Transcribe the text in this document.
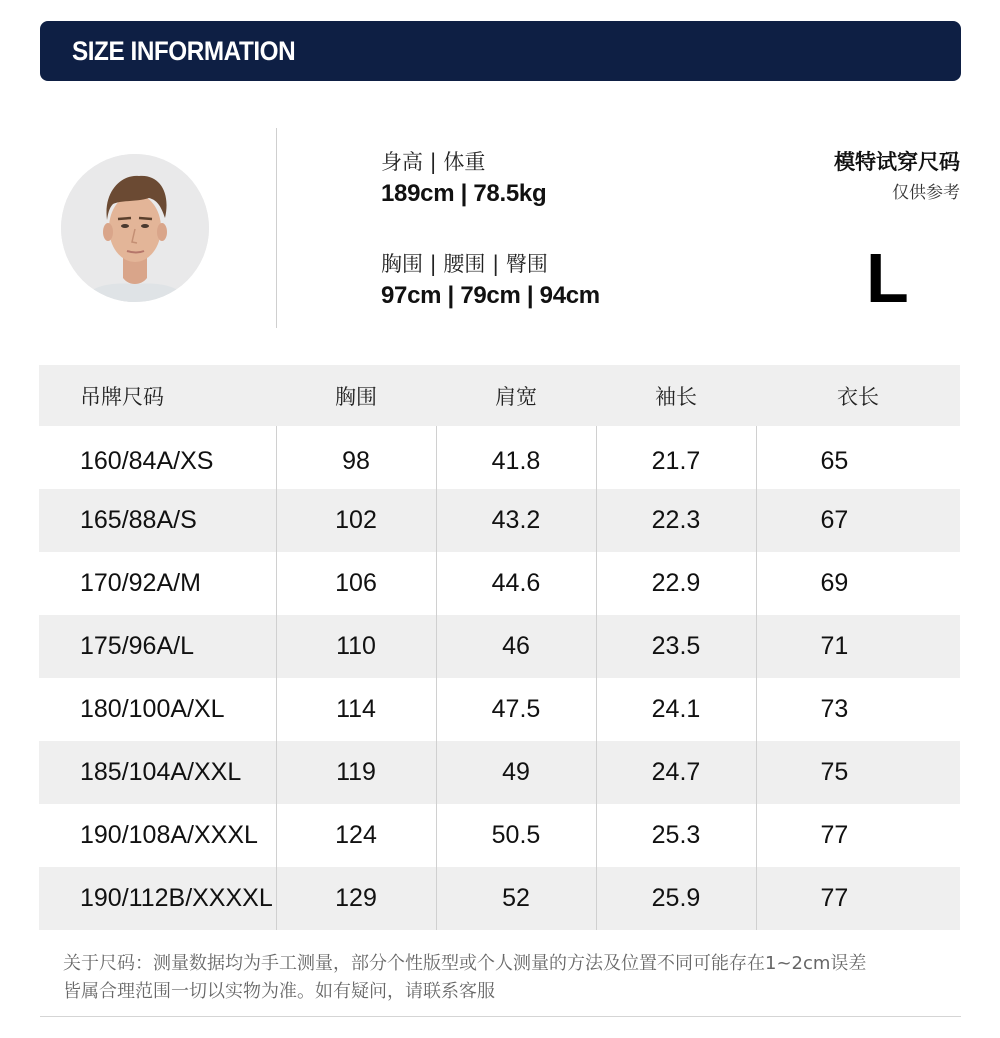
SIZE INFORMATION
身高 | 体重
189cm | 78.5kg
胸围 | 腰围 | 臀围
97cm | 79cm | 94cm
模特试穿尺码
仅供参考
L
吊牌尺码	胸围	肩宽	袖长	衣长
160/84A/XS	98	41.8	21.7	65
165/88A/S	102	43.2	22.3	67
170/92A/M	106	44.6	22.9	69
175/96A/L	110	46	23.5	71
180/100A/XL	114	47.5	24.1	73
185/104A/XXL	119	49	24.7	75
190/108A/XXXL	124	50.5	25.3	77
190/112B/XXXXL	129	52	25.9	77
关于尺码：测量数据均为手工测量，部分个性版型或个人测量的方法及位置不同可能存在1~2cm误差
皆属合理范围一切以实物为准。如有疑问，请联系客服
